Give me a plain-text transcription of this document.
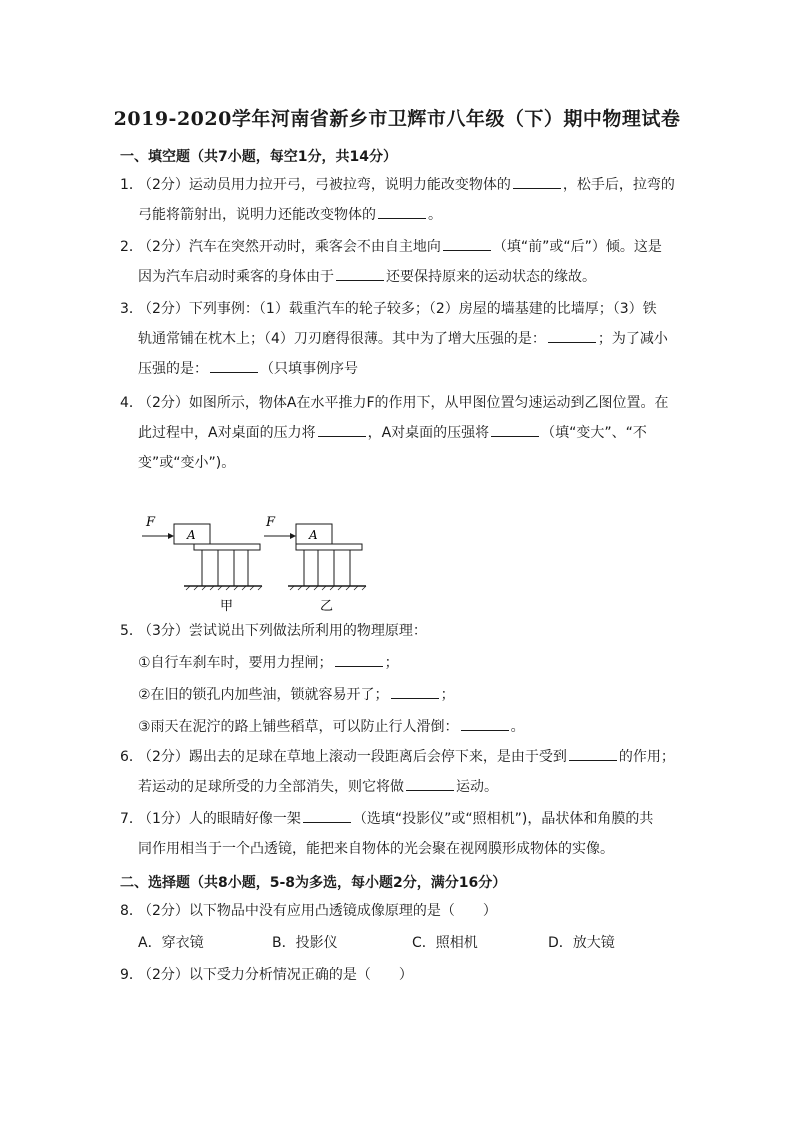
2019-2020学年河南省新乡市卫辉市八年级（下）期中物理试卷
一、填空题（共7小题，每空1分，共14分）
1．（2分）运动员用力拉开弓，弓被拉弯，说明力能改变物体的	，松手后，拉弯的
弓能将箭射出，说明力还能改变物体的	。
2．（2分）汽车在突然开动时，乘客会不由自主地向	（填“前”或“后”）倾。这是
因为汽车启动时乘客的身体由于	还要保持原来的运动状态的缘故。
3．（2分）下列事例：（1）载重汽车的轮子较多；（2）房屋的墙基建的比墙厚；（3）铁
轨通常铺在枕木上；（4）刀刃磨得很薄。其中为了增大压强的是：	；为了减小
压强的是：	（只填事例序号
4．（2分）如图所示，物体A在水平推力F的作用下，从甲图位置匀速运动到乙图位置。在
此过程中，A对桌面的压力将	，A对桌面的压强将	（填“变大”、“不
变”或“变小”)。
F
A
甲
F
A
乙
5．（3分）尝试说出下列做法所利用的物理原理：
①自行车刹车时，要用力捏闸；	；
②在旧的锁孔内加些油，锁就容易开了；	；
③雨天在泥泞的路上铺些稻草，可以防止行人滑倒：	。
6．（2分）踢出去的足球在草地上滚动一段距离后会停下来，是由于受到	的作用；
若运动的足球所受的力全部消失，则它将做	运动。
7．（1分）人的眼睛好像一架	（选填“投影仪”或“照相机”)，晶状体和角膜的共
同作用相当于一个凸透镜，能把来自物体的光会聚在视网膜形成物体的实像。
二、选择题（共8小题，5-8为多选，每小题2分，满分16分）
8．（2分）以下物品中没有应用凸透镜成像原理的是（　　）
A．穿衣镜	B．投影仪	C．照相机	D．放大镜
9．（2分）以下受力分析情况正确的是（　　）
